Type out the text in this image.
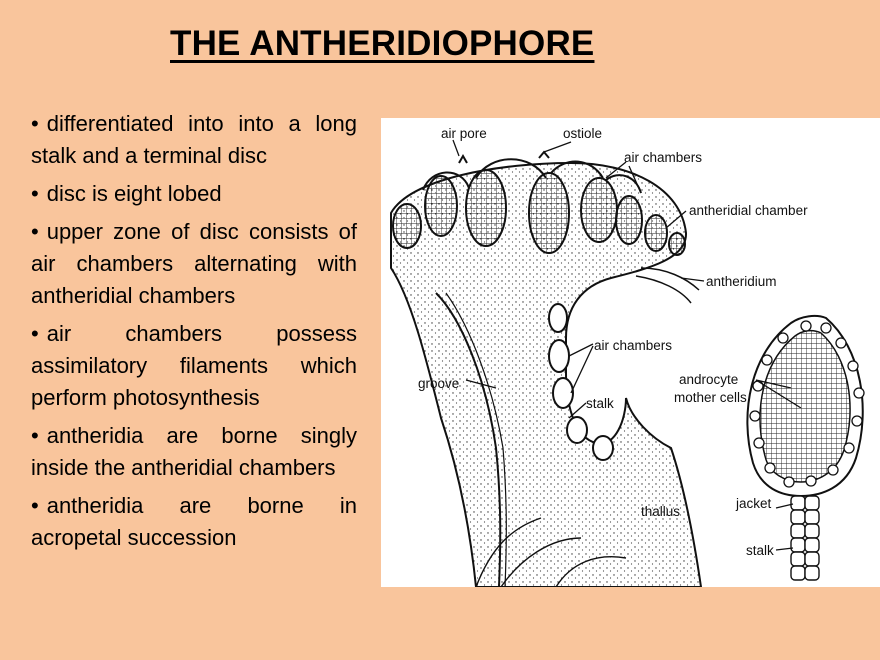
THE ANTHERIDIOPHORE
• differentiated into into a long stalk and a terminal disc
• disc is eight lobed
• upper zone of disc consists of air chambers alternating with antheridial chambers
• air chambers possess assimilatory filaments which perform photosynthesis
• antheridia are borne singly inside the antheridial chambers
• antheridia are borne in acropetal succession
air pore	ostiole
air chambers
antheridial chamber
antheridium
air chambers
groove
stalk
thallus
androcyte
mother cells
jacket
stalk
